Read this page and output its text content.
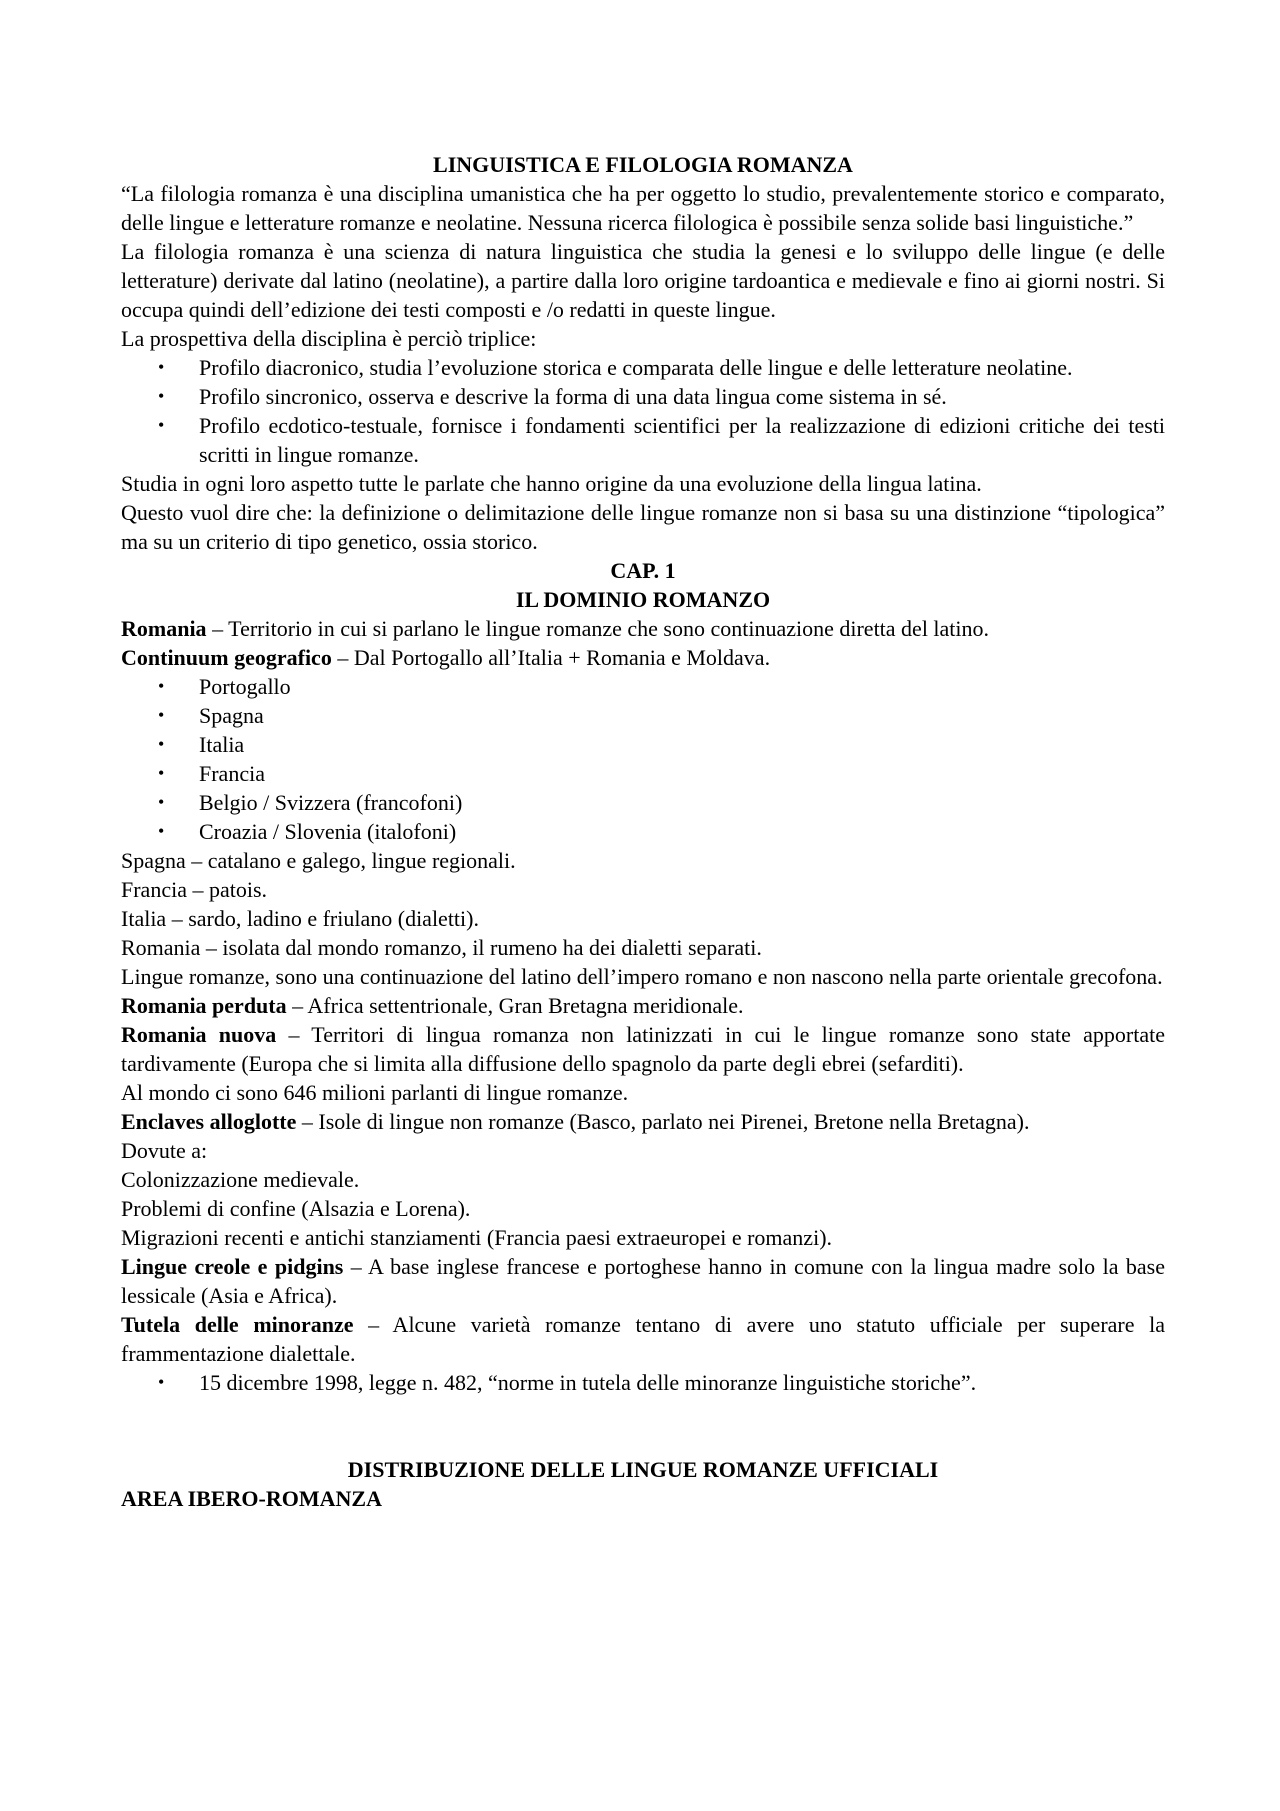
LINGUISTICA E FILOLOGIA ROMANZA

“La filologia romanza è una disciplina umanistica che ha per oggetto lo studio, prevalentemente storico e comparato, delle lingue e letterature romanze e neolatine. Nessuna ricerca filologica è possibile senza solide basi linguistiche.”

La filologia romanza è una scienza di natura linguistica che studia la genesi e lo sviluppo delle lingue (e delle letterature) derivate dal latino (neolatine), a partire dalla loro origine tardoantica e medievale e fino ai giorni nostri. Si occupa quindi dell’edizione dei testi composti e /o redatti in queste lingue.

La prospettiva della disciplina è perciò triplice:

• Profilo diacronico, studia l’evoluzione storica e comparata delle lingue e delle letterature neolatine.
• Profilo sincronico, osserva e descrive la forma di una data lingua come sistema in sé.
• Profilo ecdotico-testuale, fornisce i fondamenti scientifici per la realizzazione di edizioni critiche dei testi scritti in lingue romanze.

Studia in ogni loro aspetto tutte le parlate che hanno origine da una evoluzione della lingua latina.

Questo vuol dire che: la definizione o delimitazione delle lingue romanze non si basa su una distinzione “tipologica” ma su un criterio di tipo genetico, ossia storico.

CAP. 1

IL DOMINIO ROMANZO

Romania – Territorio in cui si parlano le lingue romanze che sono continuazione diretta del latino.

Continuum geografico – Dal Portogallo all’Italia + Romania e Moldava.

• Portogallo
• Spagna
• Italia
• Francia
• Belgio / Svizzera (francofoni)
• Croazia / Slovenia (italofoni)

Spagna – catalano e galego, lingue regionali.

Francia – patois.

Italia – sardo, ladino e friulano (dialetti).

Romania – isolata dal mondo romanzo, il rumeno ha dei dialetti separati.

Lingue romanze, sono una continuazione del latino dell’impero romano e non nascono nella parte orientale grecofona.

Romania perduta – Africa settentrionale, Gran Bretagna meridionale.

Romania nuova – Territori di lingua romanza non latinizzati in cui le lingue romanze sono state apportate tardivamente (Europa che si limita alla diffusione dello spagnolo da parte degli ebrei (sefarditi).

Al mondo ci sono 646 milioni parlanti di lingue romanze.

Enclaves alloglotte – Isole di lingue non romanze (Basco, parlato nei Pirenei, Bretone nella Bretagna).

Dovute a:

Colonizzazione medievale.

Problemi di confine (Alsazia e Lorena).

Migrazioni recenti e antichi stanziamenti (Francia paesi extraeuropei e romanzi).

Lingue creole e pidgins – A base inglese francese e portoghese hanno in comune con la lingua madre solo la base lessicale (Asia e Africa).

Tutela delle minoranze – Alcune varietà romanze tentano di avere uno statuto ufficiale per superare la frammentazione dialettale.

• 15 dicembre 1998, legge n. 482, “norme in tutela delle minoranze linguistiche storiche”.

DISTRIBUZIONE DELLE LINGUE ROMANZE UFFICIALI

AREA IBERO-ROMANZA
